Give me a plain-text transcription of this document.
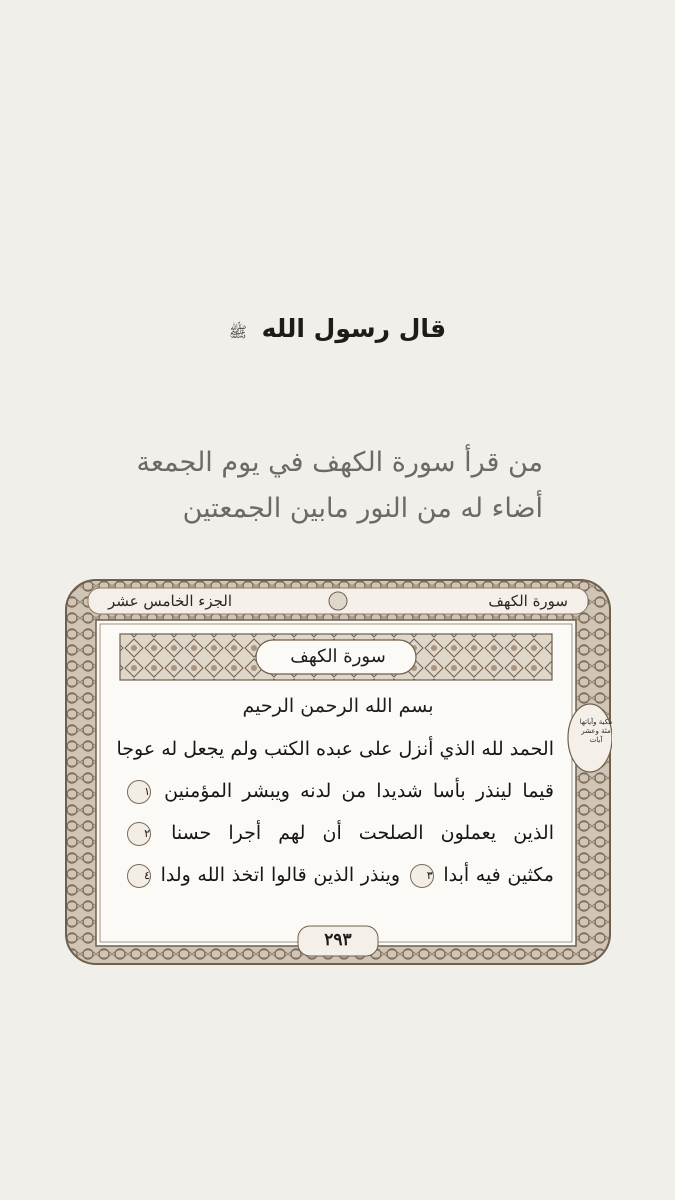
قال رسول الله ﷺ
من قرأ سورة الكهف في يوم الجمعة
أضاء له من النور مابين الجمعتين
سورة الكهف
الجزء الخامس عشر
مكية وآياتها مئة وعشر آيات
سورة الكهف
بسم الله الرحمن الرحيم
الحمد لله الذي أنزل على عبده الكتب ولم يجعل له عوجا
قيما لينذر بأسا شديدا من لدنه ويبشر المؤمنين ١
الذين يعملون الصلحت أن لهم أجرا حسنا ٢
مكثين فيه أبدا ٣ وينذر الذين قالوا اتخذ الله ولدا ٤
٢٩٣
